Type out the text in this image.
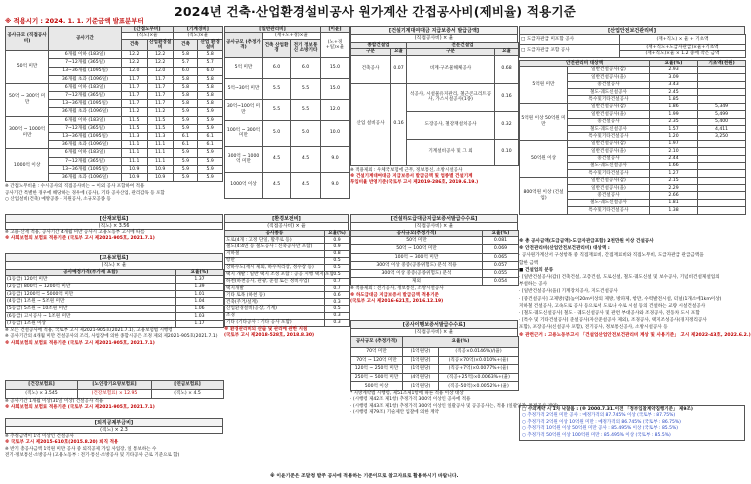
2024년 건축·산업환경설비공사 원가계산 간접공사비(제비율) 적용기준
※ 적용시기 : 2024. 1. 1. 기준금액 발표분부터
공사규모 (직접공사비)	공사기간	[간접노무비]		[기계경비]	
		(직노)×율		(직노)×율	
		건축	산업환경설비	건축	산업 환경 설비
50억 미만	6개월 이하 (183일)	12.2	12.2	5.8	5.8
	7~12개월 (365일)	12.2	12.2	5.7	5.7
	13~36개월 (1095일)	12.0	12.0	6.0	6.0
	36개월 초과 (1096일)	11.7	11.7	5.8	5.8
50억 ~ 300억 미만	6개월 이하 (183일)	11.7	11.7	5.8	5.8
	7~12개월 (365일)	11.7	11.7	5.8	5.8
	13~36개월 (1095일)	11.7	11.7	5.8	5.8
	36개월 초과 (1096일)	11.2	11.2	5.9	5.9
300억 ~ 1000억 미만	6개월 이하 (183일)	11.5	11.5	5.9	5.9
	7~12개월 (365일)	11.5	11.5	5.9	5.9
	13~36개월 (1095일)	11.3	11.3	6.1	6.1
	36개월 초과 (1096일)	11.1	11.1	6.1	6.1
1000억 이상	6개월 이하 (183일)	11.1	11.1	5.9	5.9
	7~12개월 (365일)	11.1	11.1	5.9	5.9
	13~36개월 (1095일)	10.9	10.9	5.9	5.9
	36개월 초과 (1096일)	10.9	10.9	5.9	5.9
※ 간접노무비율 : 수시공사의 직접공사비는 ~ 이외 공사 포함하여 적용
공사기간 특별한 경우에 해당하는 경우에 (공사), 기타 공사산업, 관리감독 등 포함
○ 산업설비(건축) 예방공종 · 지원공사, 소규모공종 등
[일반관리비]			[이윤]
공사규모 (추정가격)	(재+노+경)×율		(노+경+일)×율
	건축 산업환경	전기 정보통신 소방기타	
5억 미만	6.0	6.0	15.0
5억~30억 미만	5.5	5.5	15.0
30억~100억 미만	5.5	5.5	12.0
100억 ~ 300억 미만	5.0	5.0	10.0
300억 ~ 1000억 미만	4.5	4.5	9.0
1000억 이상	4.5	4.5	9.0
[건설기계대여대금 지급보증서 발급금액]
(직접공사비) × 율
종합건설업		전문건설업	
구분	요율	구분	요율
건축공사	0.07	비계·구조물해체공사	0.68
산업 설비공사	0.16	석공사, 시설물유지관리, 철근콘크리트공사, 가스시설공사(1종)	0.16
		도장공사, 철강재설치공사	0.32
		기계설비공사 및 그 외	0.10
※ 적용제외 : 우체국보험에 근무, 정보통신, 소방시설공사
※ 건설기계대여대금 지급보증서 발급금액 및 업종별 건설기계
투입비율 반영기준(국토부 고시 제2019-286호, 2019.6.19.)
[산업안전보건관리비]
□ 도급자관급 미포함 공사	(재+직노) × 율 + 기초액
□ 도급자관급 포함 공사	(재+직노+도급자관급)×율+기초액
	(재+직노)×율 × 1.2 중에 작은 금액
안전관리비 대상액		요율(%)	기초액(천원)
5억원 미만	일반건설공사(갑)	2.93	
	일반건설공사(을)	3.09	
	중건설공사	3.43	
	철도·궤도신설공사	2.45	
	특수및기타건설공사	1.85	
5억원 이상 50억원 미만	일반건설공사(갑)	1.86	5,349
	일반건설공사(을)	1.99	5,499
	중건설공사	2.35	5,400
	철도·궤도신설공사	1.57	4,411
	특수및기타건설공사	1.20	3,250
50억원 이상	일반건설공사(갑)	1.97	
	일반건설공사(을)	2.10	
	중건설공사	2.44	
	철도·궤도신설공사	1.66	
	특수및기타건설공사	1.27	
800억원 이상 (건설업)	일반건설공사(갑)	2.15	
	일반건설공사(을)	2.29	
	중건설공사	2.66	
	철도·궤도신설공사	1.81	
	특수및기타건설공사	1.38	
※ 총 공사금액(도급금액)·도급자관급포함) 2천만원 이상 건설공사
※ 안전관리비(산업안전보건관리비) 대상액 :
· 공사원가계산서 구성항목 중 직접재료비, 간접재료비와 직접노무비, 도급자관급 관급금액을
합한 금액
■ 건설업의 분류
· [일반건설공사(갑)] 건축건설, 고층건설, 도로신설, 철도·궤도신설 및 보수공사, 기념비건설제설업의
부설하는 공사
· [일반건설공사(을)] 기계장치공사, 지도건설공사
· [중건설공사] 고제방(댐)높이20m이상의 제방, 방파제, 항만, 수력발전시설, 터널(1개소에1km이상)
지하철 건설공사, 고속도로 공사 등으로서 도로나 수로 시설 등의 건설하는 교량 시설건설공사
· [철도·궤도신설공사] 철도 · 궤도신설공사 및 관련 부대공사와 조경공사, 전동차 도시 포함
· [특수 및 기타건설공사] 준설공사(자산준설공사 제외), 조경공사, 택지조성공사(경지정리공사
포함), 포장공사(신설공사 포함), 전기공사, 정보통신공사, 소방시설공사 등
※ 관련근거 : 고용노동부고시 「건설업산업안전보건관리비 계상 및 사용기준」 고시 제2022-43호, 2022.6.2.)
[산재보험료]
(직노) × 3.56
※ 고용·산재 적용, 공사기간 4개월 미만 공사시 고용노동부 고시에 따름
※ 사회보험의 보험료 적용기준 (국토부 고시 제2021-905호, 2021.7.1)
[고용보험료]
(직노) × 율
공사예정가격(부가세 포함)	요율(%)
(1등급) 120억 미만	1.37
(2등급) 800억 ~ 1200억 미만	1.39
(3등급) 1200억 ~ 5000억 미만	1.01
(4등급) 1조원 ~ 5조원 미만	1.04
(5등급) 5조원 ~ 10조원 미만	1.06
(6등급) 고시공사 ~ 1조원 미만	1.03
(7등급) 1조원 이상	1.17
※ 모든 건설공사에 적용, 국토부 고시 제2021-905호(2021.7.1), 고용보험법 시행령
※ 공사기간의 4개월 미만 건설공사의 조리, 사업장에 의한 종합시공은 조정 제외 제2021-905호(2021.7.1)
※ 사회보험의 보험료 적용기준 (국토부 고시 제2021-905호, 2021.7.1)
[건강보험료]	[노인장기요양보험료]	[연금보험료]
(직노) × 3.545	(건강보험료) × 12.95	(직노) × 4.5
※ 공사기간 1개월 이상(31일 이상) 건설공사 적용
※ 사회보험의 보험료 적용기준 (국토부 고시 제2021-905호, 2021.7.1)
[퇴직공제부금비]
(직노) × 2.3
※ 추정금액이 1억 이상인 건설공사
※ 국토부 고시 제2015-610호(2015.8.20) 퇴직 적용
※ 반기 총공사금액 1억원 미만 공사 중 퇴직공제 가입 사업장, 일 통보하는 수
전기·정보통신·소방공사 (고용노동부 : 전기·통신·소방공사 및 기타공사 근로 기준으로 함)
[환경보전비]
(직접공사비) × 율
공사종류	요율(%)
도로(4개 : 고정 단일, 활주로 등)	0.9
철도(4:4연 등 철도공사 : 신축공사만 포함)	0.9
지하철	0.8
항만	0.5
상하수도(재시 제외, 하수처리장, 정수장 등)	0.5
택지 개발 : 일반 택지 조성 포함 : 공공 시행 택지 포함	0.5
하천(하천공사, 관광, 준설 또는 정비사업)	0.7
택지개발	0.7
기타 토목 (하천 등)	0.6
건축(주거/설계)	0.3
산업환경설비(공장, 기계)	0.5
조경	0.3
기타 (기타공사 : 기타 공사 포함)	0.3
※ 환경관리비의 산출 및 관리에 관한 지침
(국토부 고시 제2018-528호, 2018.8.30)
[건설하도급대금지급보증서발급수수료]
(직접공사비) × 율
공사규모(추정가격)	요율(%)
50억 미만	0.081
50억 ~ 100억 미만	0.069
100억 ~ 300억 미만	0.065
300억 이상 중증(공종위험도) 분석 적용	0.057
300억 이상 중증(공종위험도) 분석	0.055
제외	0.054
※ 적용제외 : 전기공사, 정보통신, 소방시설공사
※ 하도급대금 지급보증서 발급금액 적용기준
(국토부 고시 제2016-621호, 2016.12.19)
[공사이행보증서발급수수료]
(직접공사비) × 율
공사규모 (추정가격)	요율(%)	
70억 미만	(1억원당)	(직공×0.0146%)/(율)
70억 ~ 120억 미만	[1억원당]	(직공×70억)×0.010%+(율)
120억 ~ 250억 미만	(1억원당)	(직공+7억)×0.0077%+(율)
250억 ~ 500억 미만	(4억원당)	(직공+25억)×0.0063%+(율)
500억 이상	(1억원당)	(직공-50억)×0.0052%+(율)
* 지방계약법 시행령, 제51조제1항에 따른 적용 이상 대상
· (시행령 제42조 제1항) 추정가격 300억 이상인 공사에 적용
· (시행령 제43조 제1항) 추정가격 300억 이상인 일괄공사 및 공공공사는, 적용 (일괄입찰, 특정공사 제외)
· (시행령 제79조) 기술제안 입찰에 의한 계약
□ 수의계약 시 1차 낙찰률 : (※ 2000.7.31.이전 「정부입찰계약집행기준」 제9조)
○ 추정가격 2억원 미만 공사 : 예정가격의 87.745% 이상 (국토부 : 87.75%)
○ 추정가격 2억원 이상 10억원 미만 : 예정가격의 86.745% (국토부 : 86.75%)
○ 추정가격 10억원 이상 50억원 미만 공사 : 85.495% 이상 (국토부 : 85.5%)
○ 추정가격 50억원 이상 100억원 미만 : 85.495% 이상 (국토부 : 85.5%)
※ 이윤기준은 조달청 발주 공사에 적용하는 기준이므로 참고자료로 활용하시기 바랍니다.
